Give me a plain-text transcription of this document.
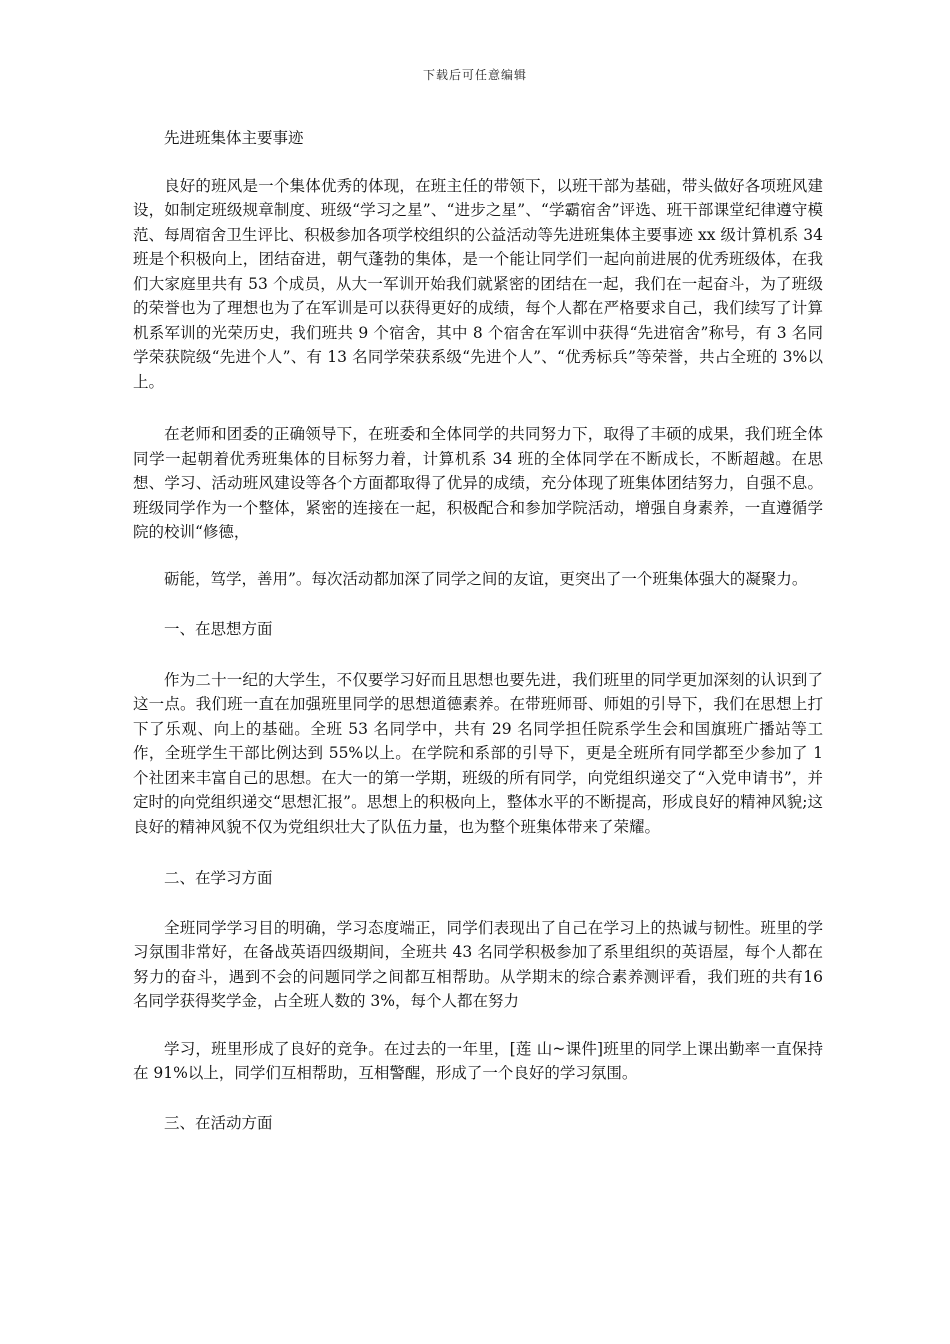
下载后可任意编辑

先进班集体主要事迹

良好的班风是一个集体优秀的体现，在班主任的带领下，以班干部为基础，带头做好各项班风建设，如制定班级规章制度、班级“学习之星”、“进步之星”、“学霸宿舍”评选、班干部课堂纪律遵守模范、每周宿舍卫生评比、积极参加各项学校组织的公益活动等先进班集体主要事迹 xx 级计算机系 34 班是个积极向上，团结奋进，朝气蓬勃的集体，是一个能让同学们一起向前进展的优秀班级体，在我们大家庭里共有 53 个成员，从大一军训开始我们就紧密的团结在一起，我们在一起奋斗，为了班级的荣誉也为了理想也为了在军训是可以获得更好的成绩，每个人都在严格要求自己，我们续写了计算机系军训的光荣历史，我们班共 9 个宿舍，其中 8 个宿舍在军训中获得“先进宿舍”称号，有 3 名同学荣获院级“先进个人”、有 13 名同学荣获系级“先进个人”、“优秀标兵”等荣誉，共占全班的 3%以上。

在老师和团委的正确领导下，在班委和全体同学的共同努力下，取得了丰硕的成果，我们班全体同学一起朝着优秀班集体的目标努力着，计算机系 34 班的全体同学在不断成长，不断超越。在思想、学习、活动班风建设等各个方面都取得了优异的成绩，充分体现了班集体团结努力，自强不息。班级同学作为一个整体，紧密的连接在一起，积极配合和参加学院活动，增强自身素养，一直遵循学院的校训“修德，

砺能，笃学，善用”。每次活动都加深了同学之间的友谊，更突出了一个班集体强大的凝聚力。

一、在思想方面

作为二十一纪的大学生，不仅要学习好而且思想也要先进，我们班里的同学更加深刻的认识到了这一点。我们班一直在加强班里同学的思想道德素养。在带班师哥、师姐的引导下，我们在思想上打下了乐观、向上的基础。全班 53 名同学中，共有 29 名同学担任院系学生会和国旗班广播站等工作，全班学生干部比例达到 55%以上。在学院和系部的引导下，更是全班所有同学都至少参加了 1 个社团来丰富自己的思想。在大一的第一学期，班级的所有同学，向党组织递交了“入党申请书”，并定时的向党组织递交“思想汇报”。思想上的积极向上，整体水平的不断提高，形成良好的精神风貌;这良好的精神风貌不仅为党组织壮大了队伍力量，也为整个班集体带来了荣耀。

二、在学习方面

全班同学学习目的明确，学习态度端正，同学们表现出了自己在学习上的热诚与韧性。班里的学习氛围非常好，在备战英语四级期间，全班共 43 名同学积极参加了系里组织的英语屋，每个人都在努力的奋斗，遇到不会的问题同学之间都互相帮助。从学期末的综合素养测评看，我们班的共有16 名同学获得奖学金，占全班人数的 3%，每个人都在努力

学习，班里形成了良好的竞争。在过去的一年里，[莲 山~课件]班里的同学上课出勤率一直保持在 91%以上，同学们互相帮助，互相警醒，形成了一个良好的学习氛围。

三、在活动方面
